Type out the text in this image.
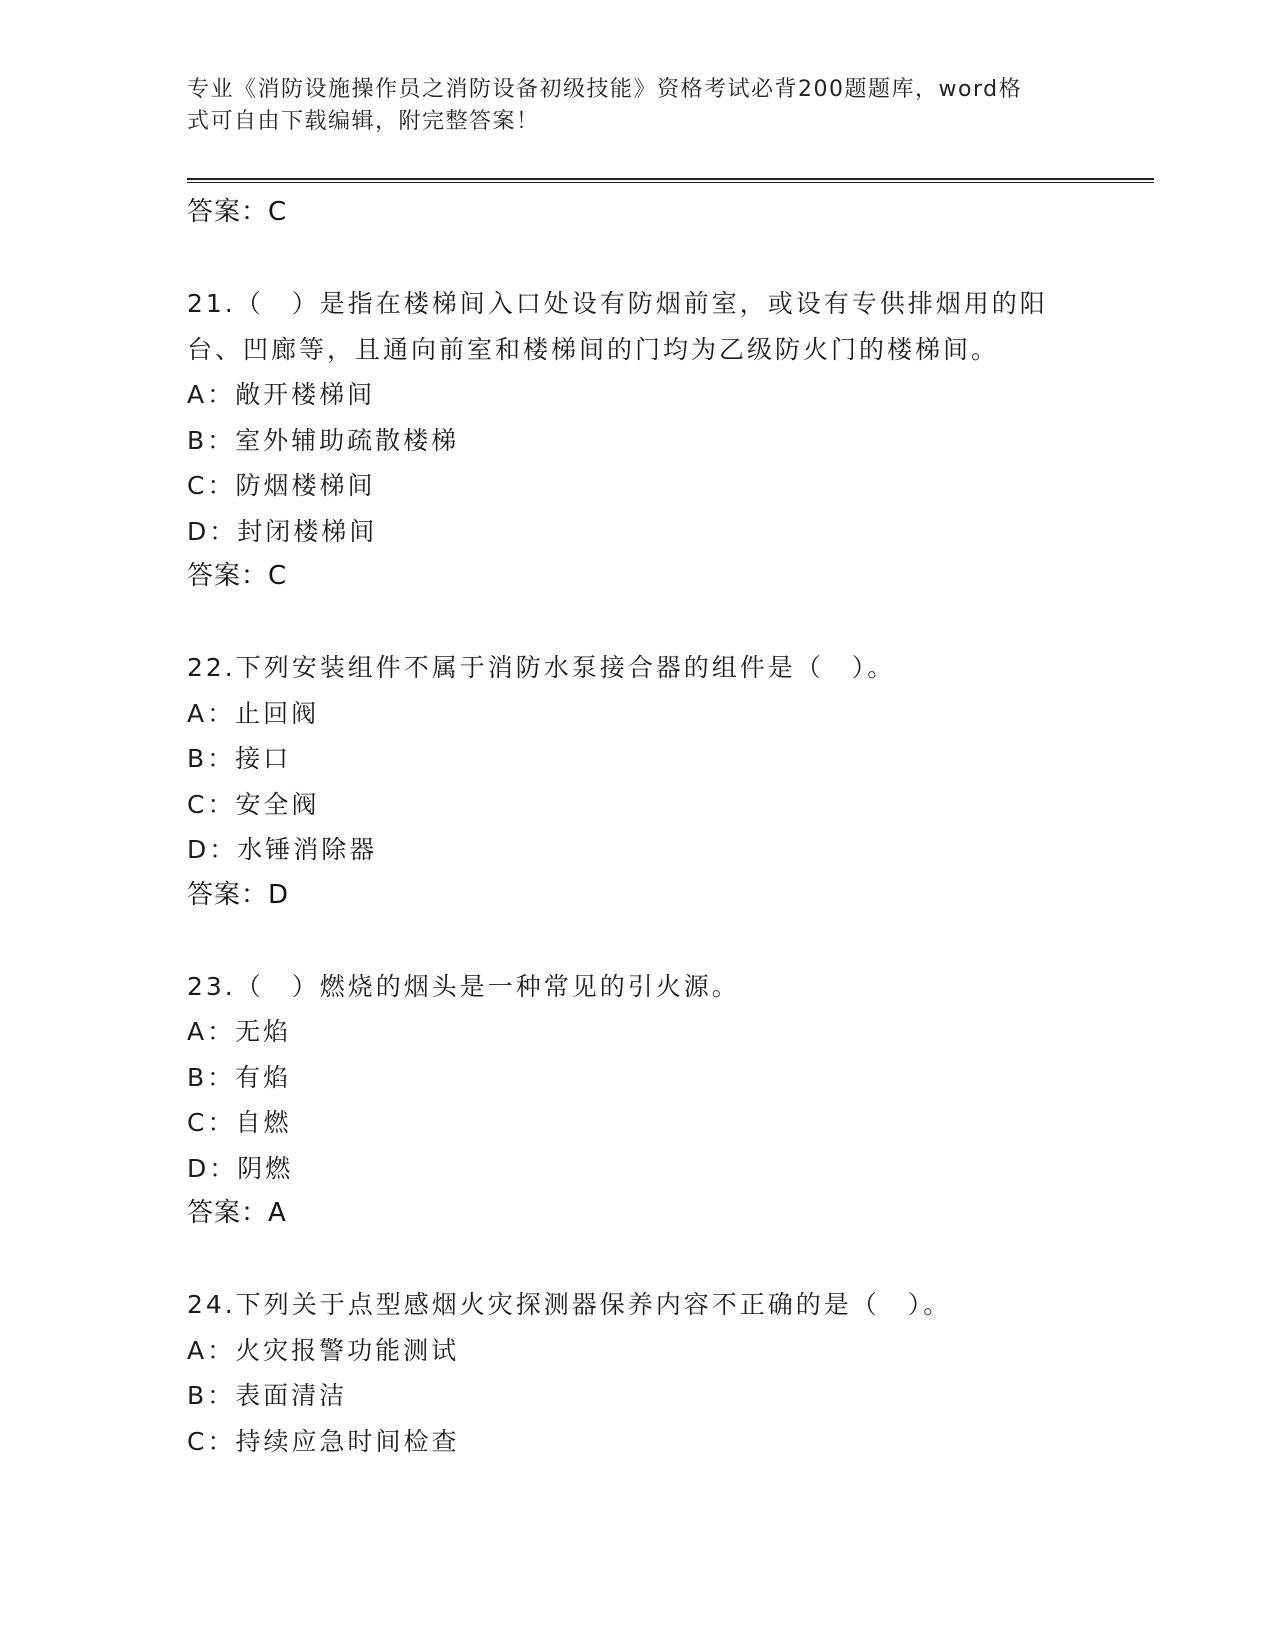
专业《消防设施操作员之消防设备初级技能》资格考试必背200题题库，word格
式可自由下载编辑，附完整答案！
答案：C
21.（　）是指在楼梯间入口处设有防烟前室，或设有专供排烟用的阳
台、凹廊等，且通向前室和楼梯间的门均为乙级防火门的楼梯间。
A：敞开楼梯间
B：室外辅助疏散楼梯
C：防烟楼梯间
D：封闭楼梯间
答案：C
22.下列安装组件不属于消防水泵接合器的组件是（　）。
A：止回阀
B：接口
C：安全阀
D：水锤消除器
答案：D
23.（　）燃烧的烟头是一种常见的引火源。
A：无焰
B：有焰
C：自燃
D：阴燃
答案：A
24.下列关于点型感烟火灾探测器保养内容不正确的是（　）。
A：火灾报警功能测试
B：表面清洁
C：持续应急时间检查
